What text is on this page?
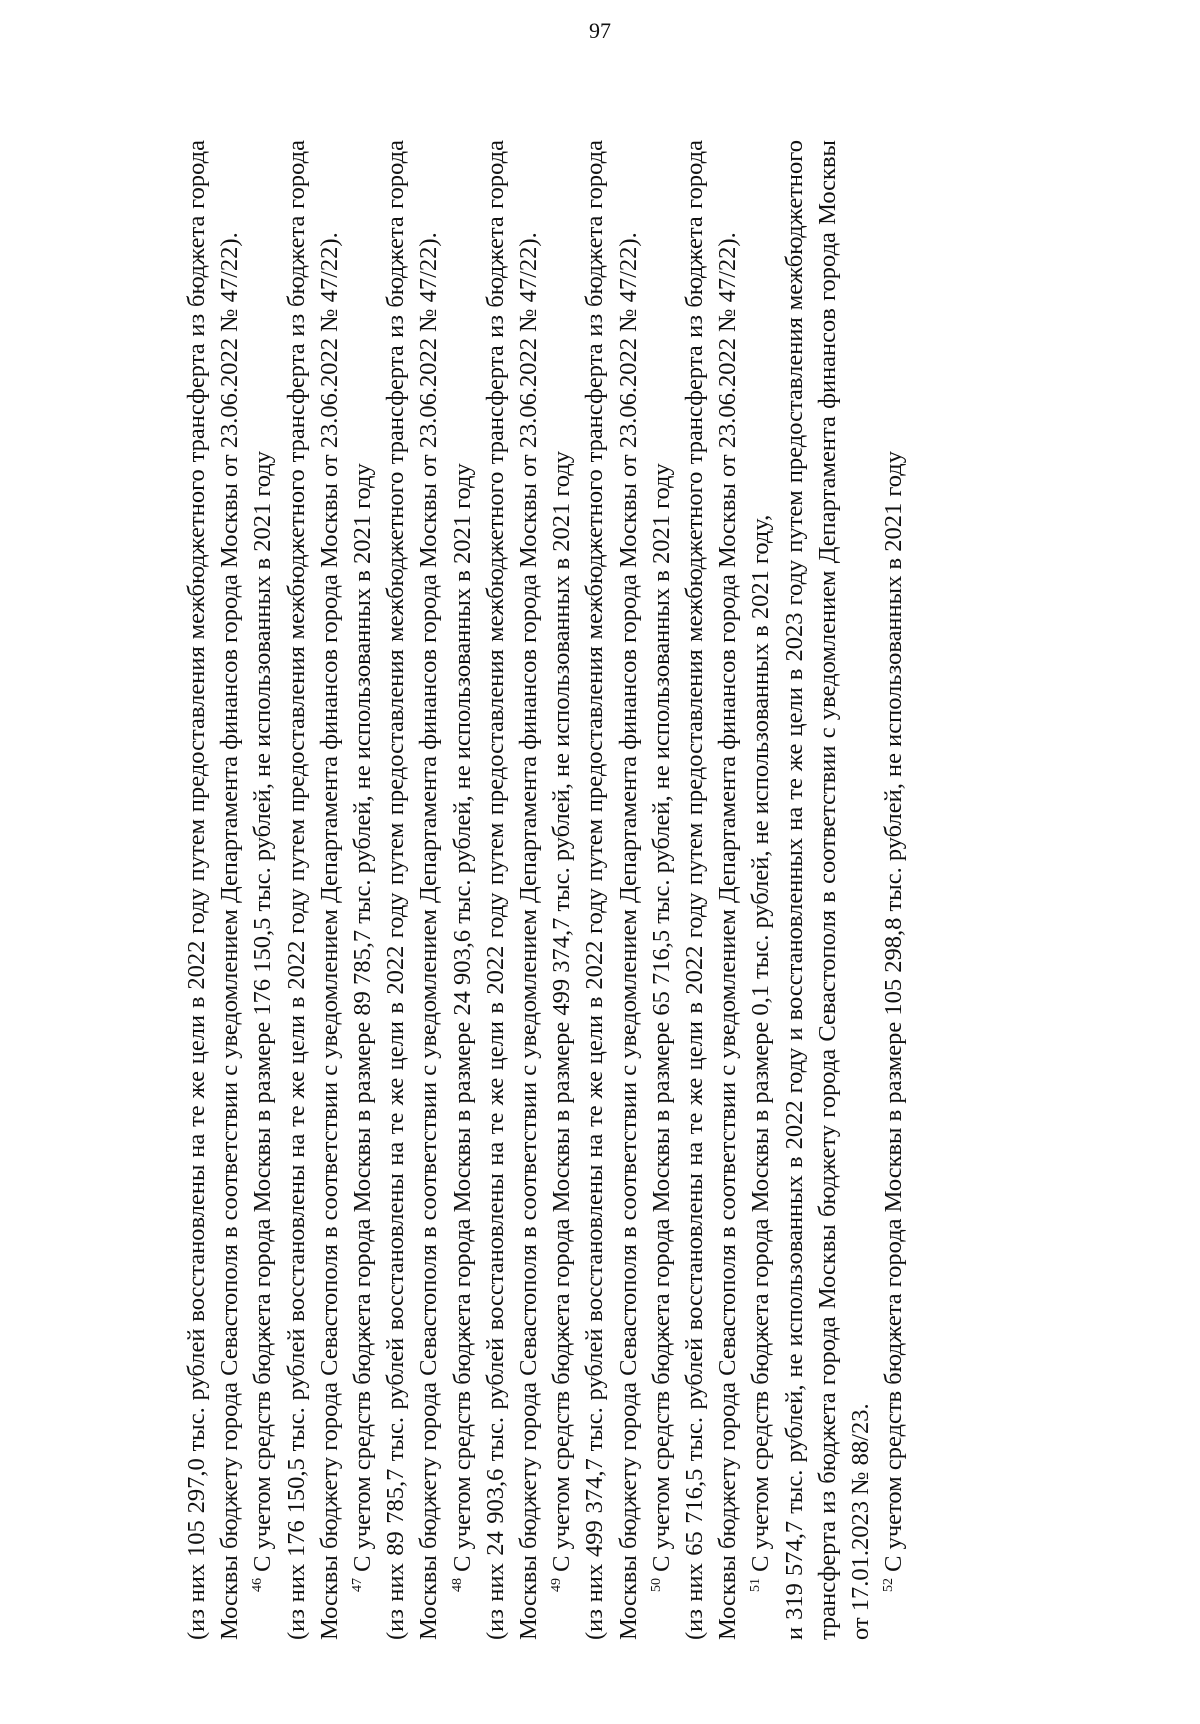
97

(из них 105 297,0 тыс. рублей восстановлены на те же цели в 2022 году путем предоставления межбюджетного трансферта из бюджета города Москвы бюджету города Севастополя в соответствии с уведомлением Департамента финансов города Москвы от 23.06.2022 № 47/22). $^{46}$ С учетом средств бюджета города Москвы в размере 176 150,5 тыс. рублей, не использованных в 2021 году (из них 176 150,5 тыс. рублей восстановлены на те же цели в 2022 году путем предоставления межбюджетного трансферта из бюджета города Москвы бюджету города Севастополя в соответствии с уведомлением Департамента финансов города Москвы от 23.06.2022 № 47/22). $^{47}$ С учетом средств бюджета города Москвы в размере 89 785,7 тыс. рублей, не использованных в 2021 году (из них 89 785,7 тыс. рублей восстановлены на те же цели в 2022 году путем предоставления межбюджетного трансферта из бюджета города Москвы бюджету города Севастополя в соответствии с уведомлением Департамента финансов города Москвы от 23.06.2022 № 47/22). $^{48}$ С учетом средств бюджета города Москвы в размере 24 903,6 тыс. рублей, не использованных в 2021 году (из них 24 903,6 тыс. рублей восстановлены на те же цели в 2022 году путем предоставления межбюджетного трансферта из бюджета города Москвы бюджету города Севастополя в соответствии с уведомлением Департамента финансов города Москвы от 23.06.2022 № 47/22). $^{49}$ С учетом средств бюджета города Москвы в размере 499 374,7 тыс. рублей, не использованных в 2021 году (из них 499 374,7 тыс. рублей восстановлены на те же цели в 2022 году путем предоставления межбюджетного трансферта из бюджета города Москвы бюджету города Севастополя в соответствии с уведомлением Департамента финансов города Москвы от 23.06.2022 № 47/22). $^{50}$ С учетом средств бюджета города Москвы в размере 65 716,5 тыс. рублей, не использованных в 2021 году (из них 65 716,5 тыс. рублей восстановлены на те же цели в 2022 году путем предоставления межбюджетного трансферта из бюджета города Москвы бюджету города Севастополя в соответствии с уведомлением Департамента финансов города Москвы от 23.06.2022 № 47/22). $^{51}$ С учетом средств бюджета города Москвы в размере 0,1 тыс. рублей, не использованных в 2021 году, и 319 574,7 тыс. рублей, не использованных в 2022 году и восстановленных на те же цели в 2023 году путем предоставления межбюджетного трансферта из бюджета города Москвы бюджету города Севастополя в соответствии с уведомлением Департамента финансов города Москвы от 17.01.2023 № 88/23. $^{52}$ С учетом средств бюджета города Москвы в размере 105 298,8 тыс. рублей, не использованных в 2021 году
